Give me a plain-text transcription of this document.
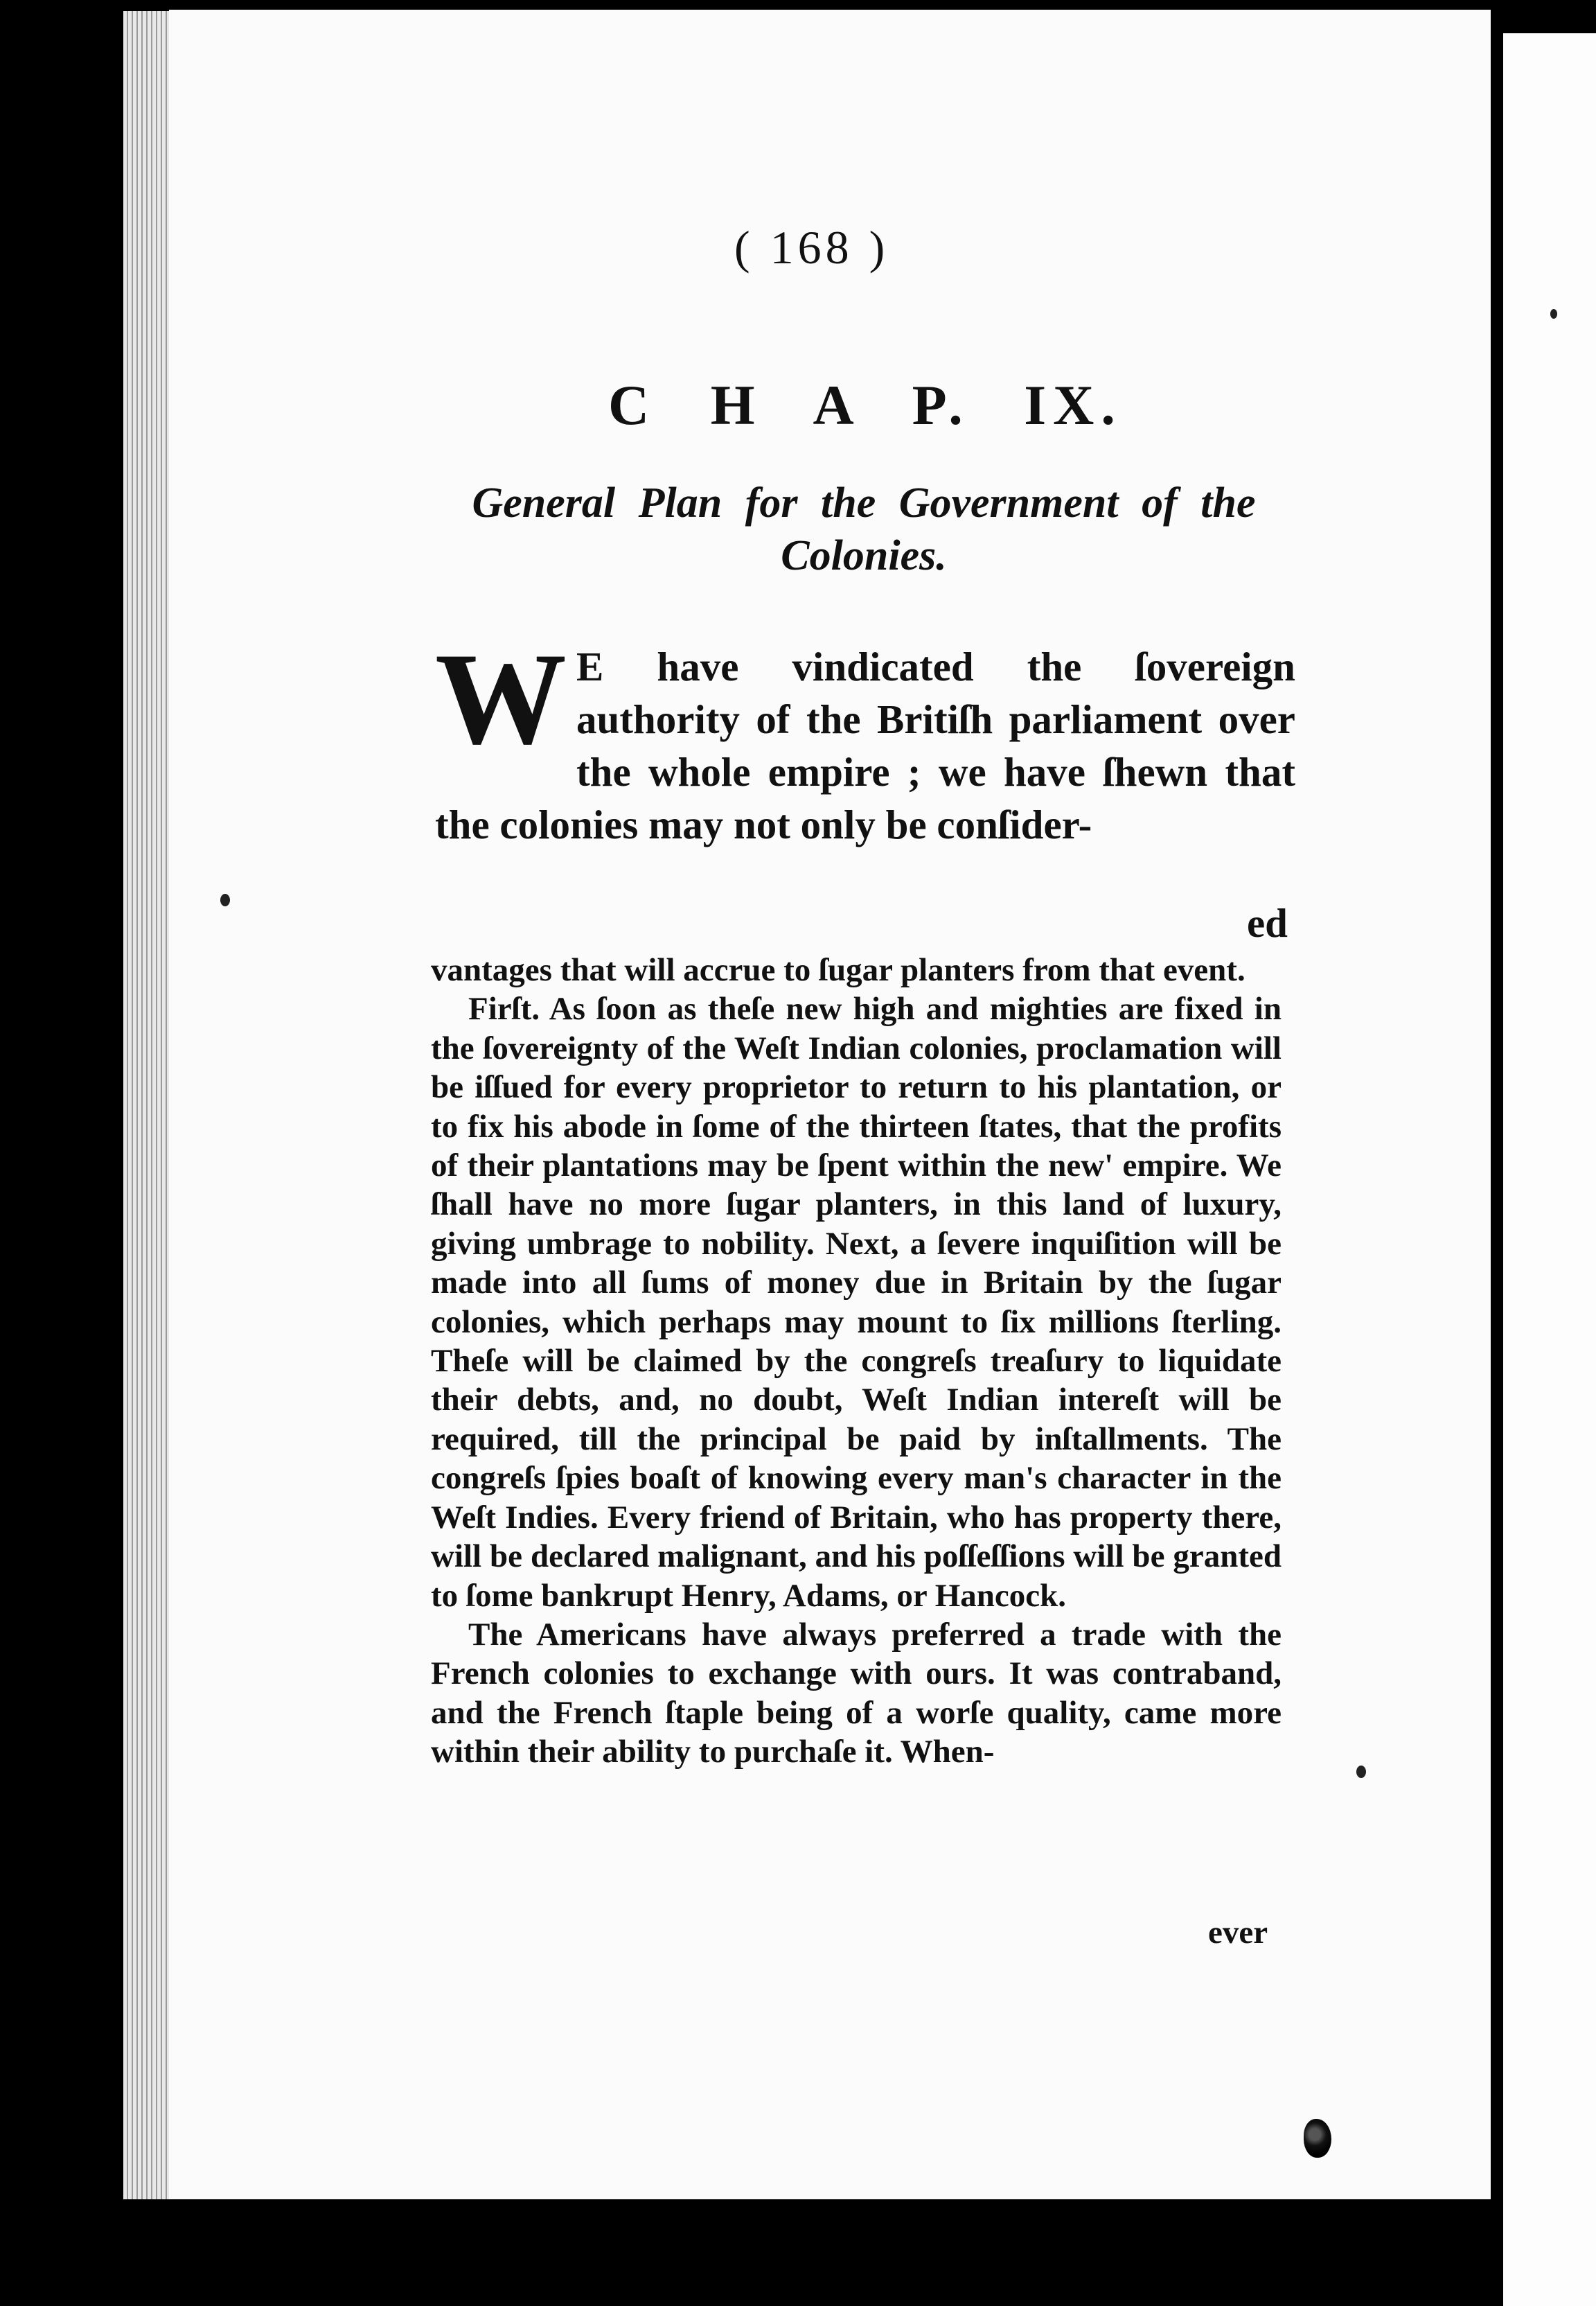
( 168 )
C H A P. IX.
General Plan for the Government of the Colonies.
W E have vindicated the ſovereign authority of the Britiſh parliament over the whole empire ; we have ſhewn that the colonies may not only be conſider-
ed

vantages that will accrue to ſugar planters from that event.

Firſt. As ſoon as theſe new high and mighties are fixed in the ſovereignty of the Weſt Indian colonies, proclamation will be iſſued for every proprietor to return to his plantation, or to fix his abode in ſome of the thirteen ſtates, that the profits of their plantations may be ſpent within the new' empire. We ſhall have no more ſugar planters, in this land of luxury, giving umbrage to nobility. Next, a ſevere inquiſition will be made into all ſums of money due in Britain by the ſugar colonies, which perhaps may mount to ſix millions ſterling. Theſe will be claimed by the congreſs treaſury to liquidate their debts, and, no doubt, Weſt Indian intereſt will be required, till the principal be paid by inſtallments. The congreſs ſpies boaſt of knowing every man's character in the Weſt Indies. Every friend of Britain, who has property there, will be declared malignant, and his poſſeſſions will be granted to ſome bankrupt Henry, Adams, or Hancock.

The Americans have always preferred a trade with the French colonies to exchange with ours. It was contraband, and the French ſtaple being of a worſe quality, came more within their ability to purchaſe it. When-

ever
